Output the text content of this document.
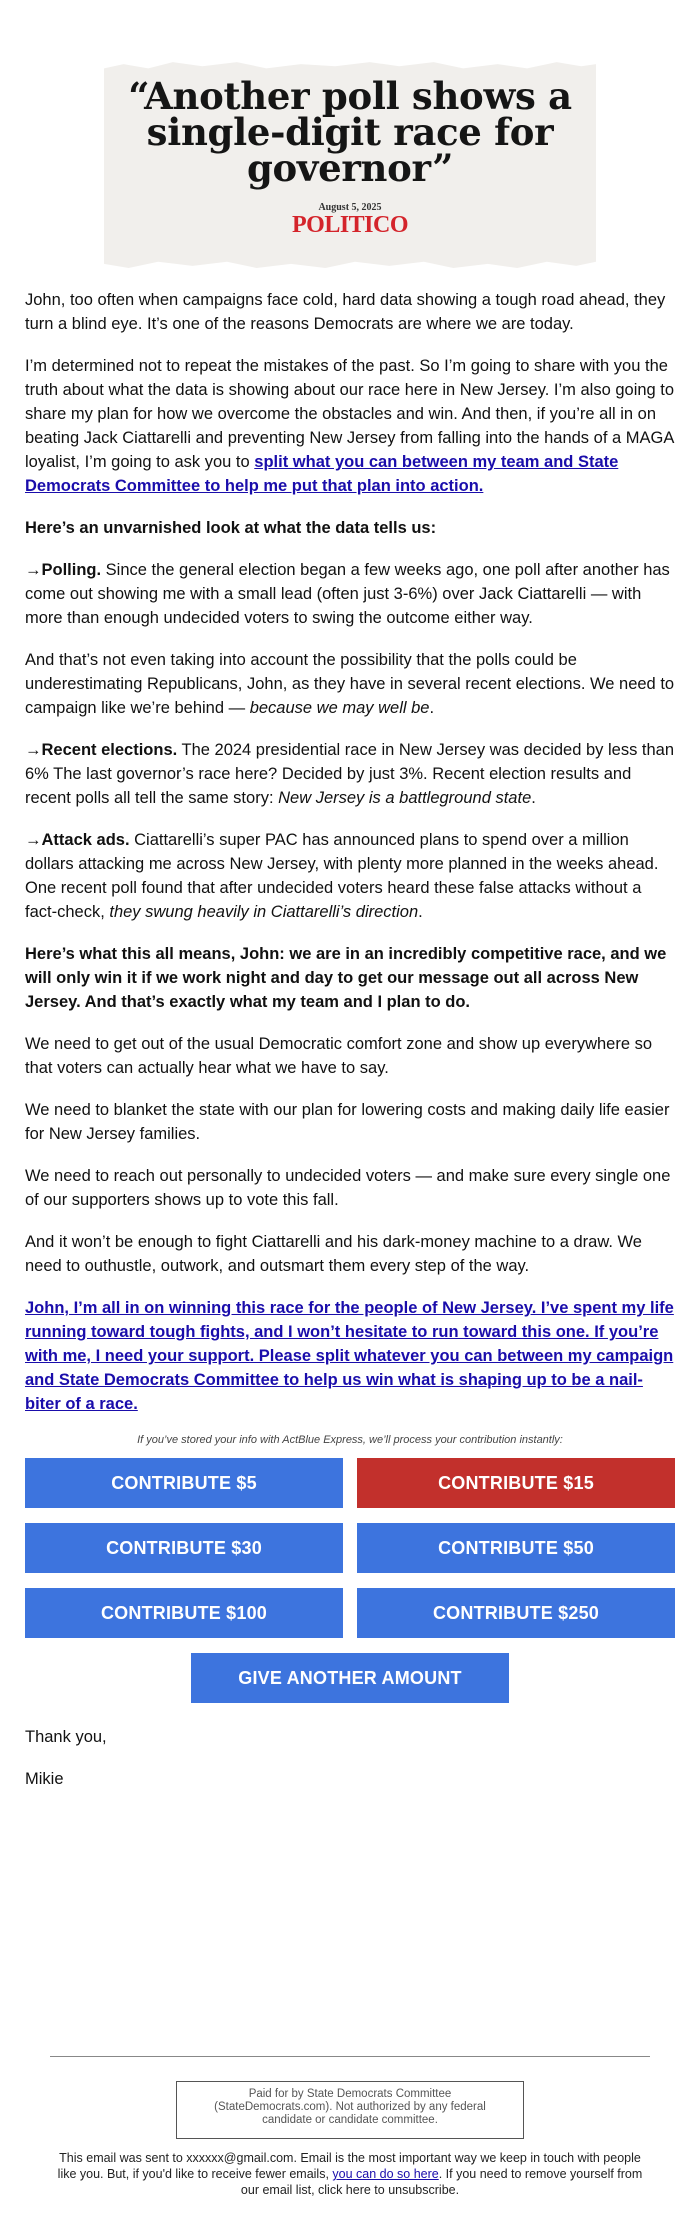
“Another poll shows a single-digit race for governor”
August 5, 2025
POLITICO

John, too often when campaigns face cold, hard data showing a tough road ahead, they turn a blind eye. It’s one of the reasons Democrats are where we are today.

I’m determined not to repeat the mistakes of the past. So I’m going to share with you the truth about what the data is showing about our race here in New Jersey. I’m also going to share my plan for how we overcome the obstacles and win. And then, if you’re all in on beating Jack Ciattarelli and preventing New Jersey from falling into the hands of a MAGA loyalist, I’m going to ask you to split what you can between my team and State Democrats Committee to help me put that plan into action.

Here’s an unvarnished look at what the data tells us:

→Polling. Since the general election began a few weeks ago, one poll after another has come out showing me with a small lead (often just 3-6%) over Jack Ciattarelli — with more than enough undecided voters to swing the outcome either way.

And that’s not even taking into account the possibility that the polls could be underestimating Republicans, John, as they have in several recent elections. We need to campaign like we’re behind — because we may well be.

→Recent elections. The 2024 presidential race in New Jersey was decided by less than 6% The last governor’s race here? Decided by just 3%. Recent election results and recent polls all tell the same story: New Jersey is a battleground state.

→Attack ads. Ciattarelli’s super PAC has announced plans to spend over a million dollars attacking me across New Jersey, with plenty more planned in the weeks ahead. One recent poll found that after undecided voters heard these false attacks without a fact-check, they swung heavily in Ciattarelli’s direction.

Here’s what this all means, John: we are in an incredibly competitive race, and we will only win it if we work night and day to get our message out all across New Jersey. And that’s exactly what my team and I plan to do.

We need to get out of the usual Democratic comfort zone and show up everywhere so that voters can actually hear what we have to say.

We need to blanket the state with our plan for lowering costs and making daily life easier for New Jersey families.

We need to reach out personally to undecided voters — and make sure every single one of our supporters shows up to vote this fall.

And it won’t be enough to fight Ciattarelli and his dark-money machine to a draw. We need to outhustle, outwork, and outsmart them every step of the way.

John, I’m all in on winning this race for the people of New Jersey. I’ve spent my life running toward tough fights, and I won’t hesitate to run toward this one. If you’re with me, I need your support. Please split whatever you can between my campaign and State Democrats Committee to help us win what is shaping up to be a nail-biter of a race.

If you’ve stored your info with ActBlue Express, we’ll process your contribution instantly:
CONTRIBUTE $5	CONTRIBUTE $15
CONTRIBUTE $30	CONTRIBUTE $50
CONTRIBUTE $100	CONTRIBUTE $250
GIVE ANOTHER AMOUNT

Thank you,

Mikie

Paid for by State Democrats Committee (StateDemocrats.com). Not authorized by any federal candidate or candidate committee.
This email was sent to xxxxxx@gmail.com. Email is the most important way we keep in touch with people like you. But, if you'd like to receive fewer emails, you can do so here. If you need to remove yourself from our email list, click here to unsubscribe.
